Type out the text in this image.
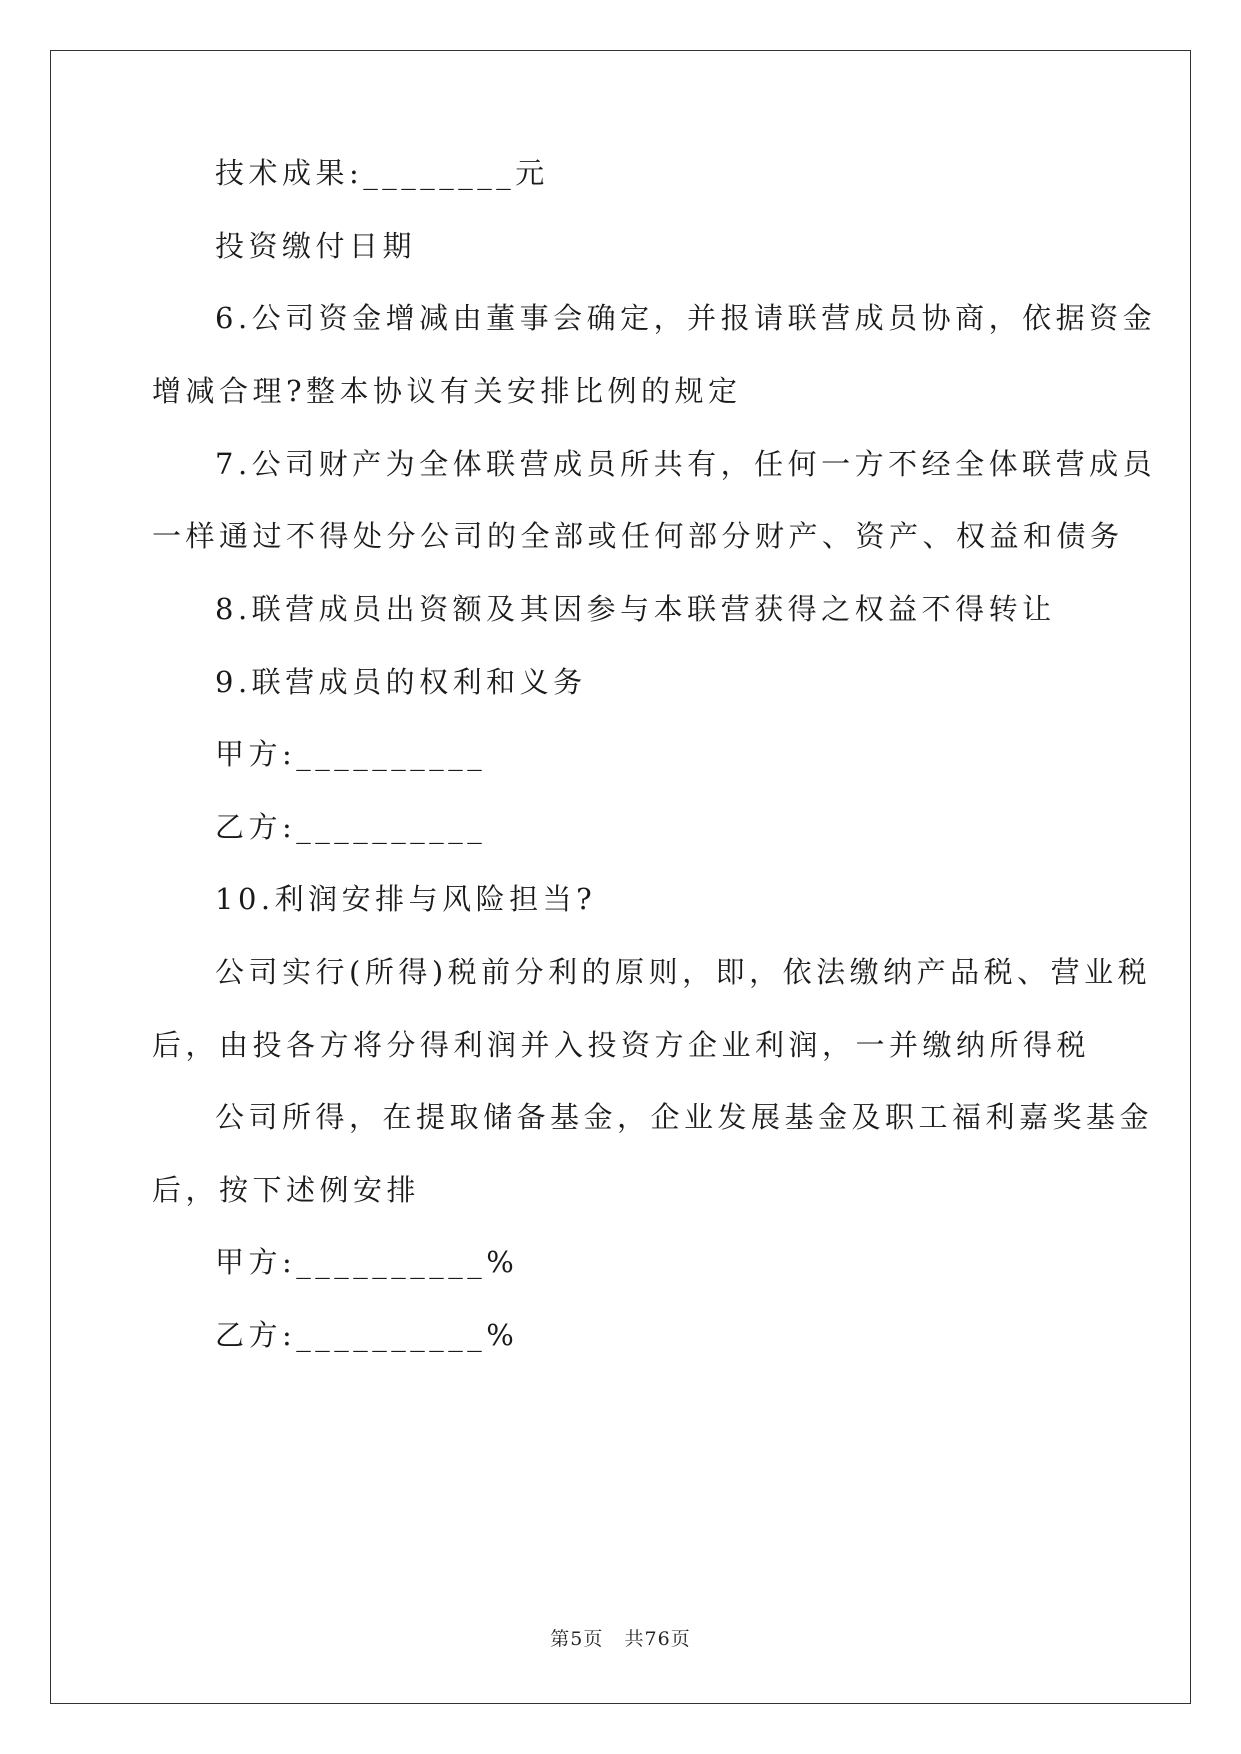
技术成果:________元
投资缴付日期
6.公司资金增减由董事会确定，并报请联营成员协商，依据资金
增减合理?整本协议有关安排比例的规定
7.公司财产为全体联营成员所共有，任何一方不经全体联营成员
一样通过不得处分公司的全部或任何部分财产、资产、权益和债务
8.联营成员出资额及其因参与本联营获得之权益不得转让
9.联营成员的权利和义务
甲方:__________
乙方:__________
10.利润安排与风险担当?
公司实行(所得)税前分利的原则，即，依法缴纳产品税、营业税
后，由投各方将分得利润并入投资方企业利润，一并缴纳所得税
公司所得，在提取储备基金，企业发展基金及职工福利嘉奖基金
后，按下述例安排
甲方:__________%
乙方:__________%
第5页 共76页
